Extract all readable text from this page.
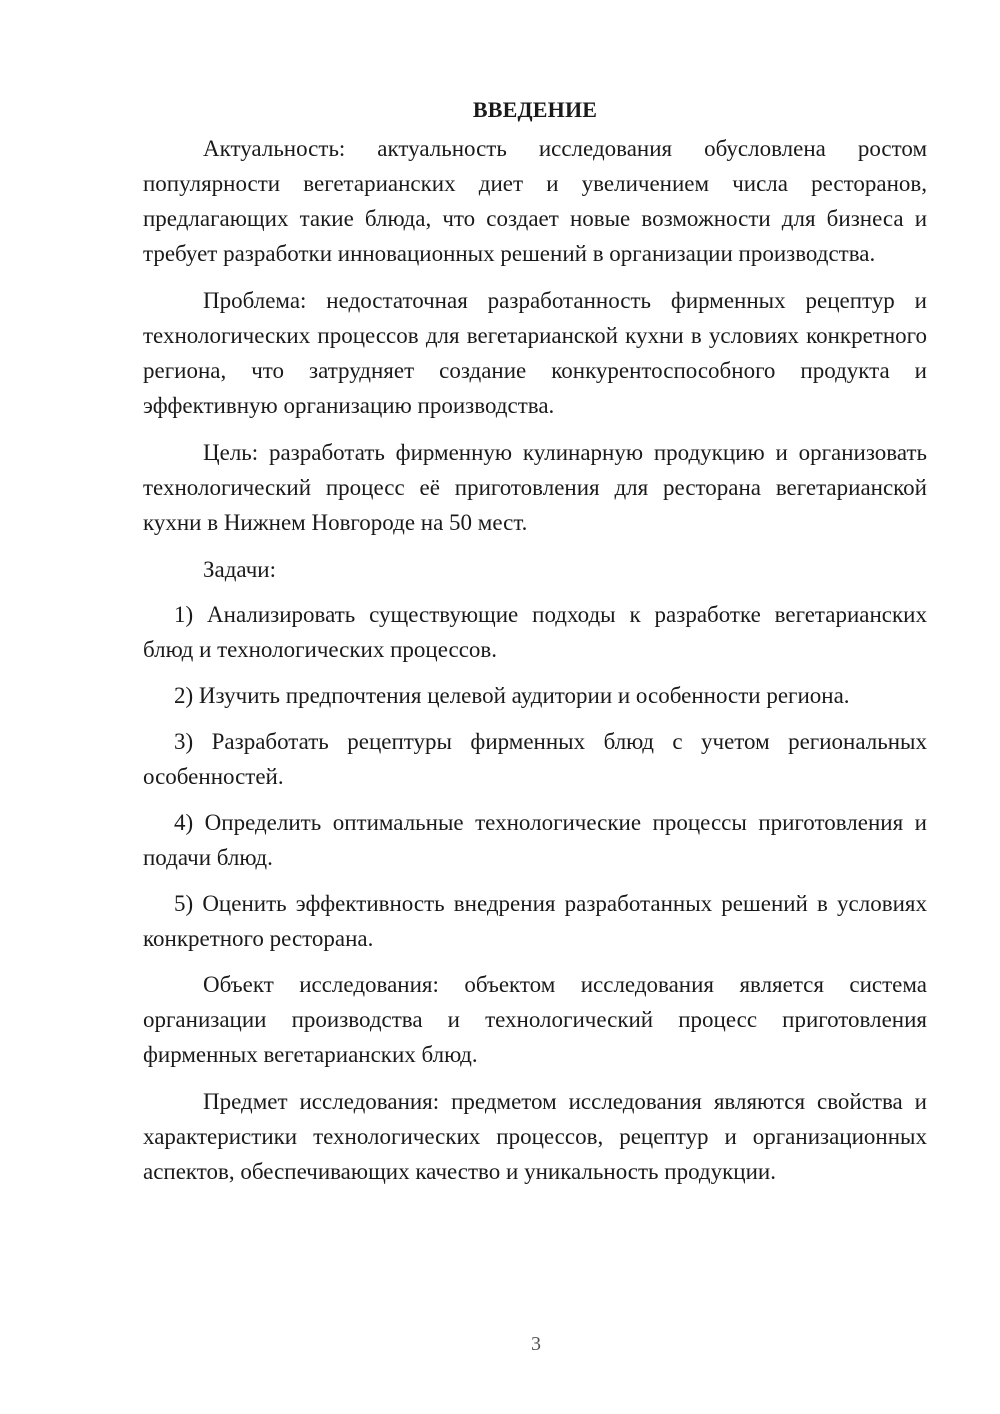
ВВЕДЕНИЕ

Актуальность: актуальность исследования обусловлена ростом популярности вегетарианских диет и увеличением числа ресторанов, предлагающих такие блюда, что создает новые возможности для бизнеса и требует разработки инновационных решений в организации производства.

Проблема: недостаточная разработанность фирменных рецептур и технологических процессов для вегетарианской кухни в условиях конкретного региона, что затрудняет создание конкурентоспособного продукта и эффективную организацию производства.

Цель: разработать фирменную кулинарную продукцию и организовать технологический процесс её приготовления для ресторана вегетарианской кухни в Нижнем Новгороде на 50 мест.

Задачи:

1) Анализировать существующие подходы к разработке вегетарианских блюд и технологических процессов.

2) Изучить предпочтения целевой аудитории и особенности региона.

3) Разработать рецептуры фирменных блюд с учетом региональных особенностей.

4) Определить оптимальные технологические процессы приготовления и подачи блюд.

5) Оценить эффективность внедрения разработанных решений в условиях конкретного ресторана.

Объект исследования: объектом исследования является система организации производства и технологический процесс приготовления фирменных вегетарианских блюд.

Предмет исследования: предметом исследования являются свойства и характеристики технологических процессов, рецептур и организационных аспектов, обеспечивающих качество и уникальность продукции.

3
